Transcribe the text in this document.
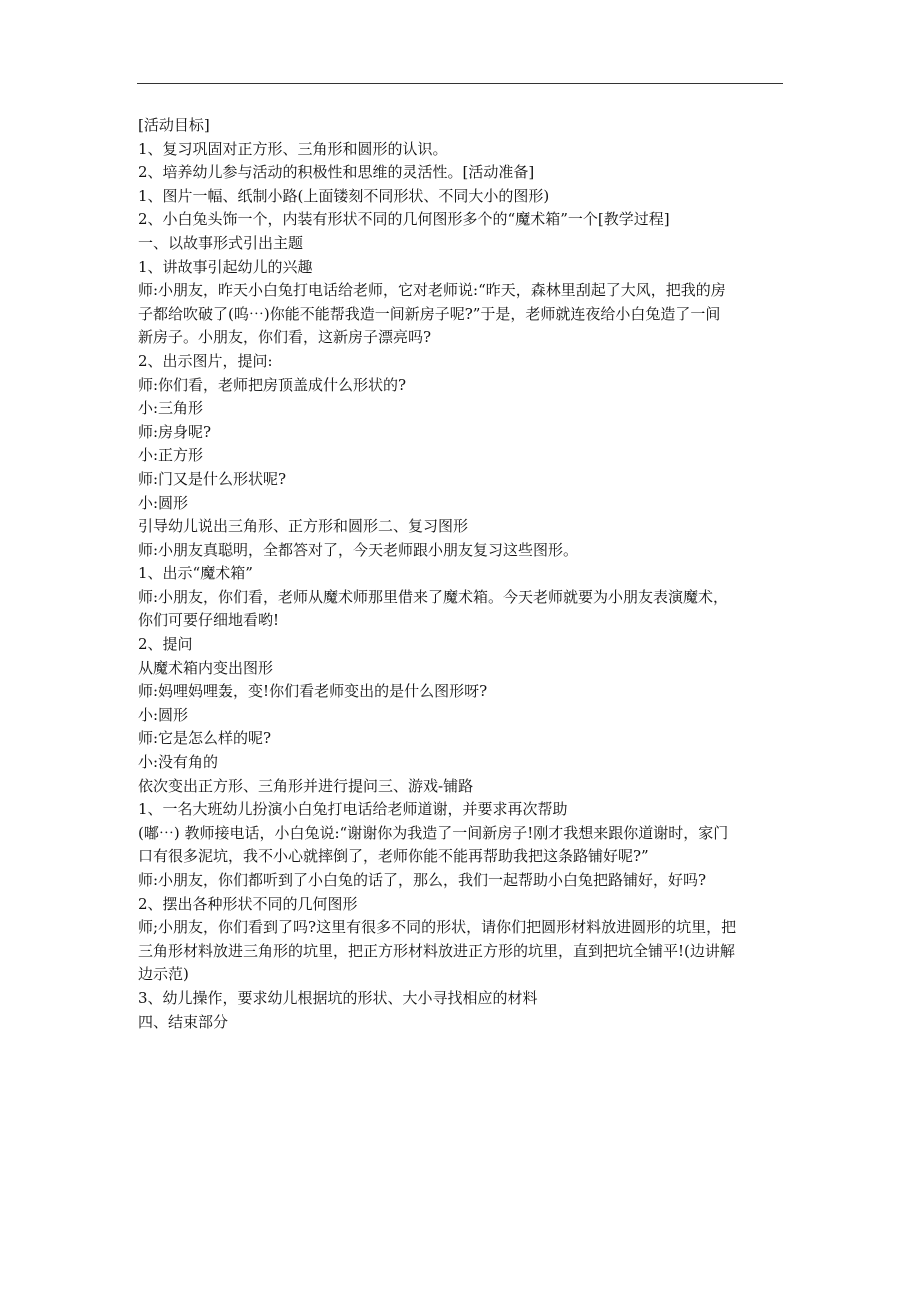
[活动目标]
1、复习巩固对正方形、三角形和圆形的认识。
2、培养幼儿参与活动的积极性和思维的灵活性。[活动准备]
1、图片一幅、纸制小路(上面镂刻不同形状、不同大小的图形)
2、小白兔头饰一个，内装有形状不同的几何图形多个的“魔术箱”一个[教学过程]
一、以故事形式引出主题
1、讲故事引起幼儿的兴趣
师:小朋友，昨天小白兔打电话给老师，它对老师说:“昨天，森林里刮起了大风，把我的房
子都给吹破了(呜⋯)你能不能帮我造一间新房子呢?”于是，老师就连夜给小白兔造了一间
新房子。小朋友，你们看，这新房子漂亮吗?
2、出示图片，提问:
师:你们看，老师把房顶盖成什么形状的?
小:三角形
师:房身呢?
小:正方形
师:门又是什么形状呢?
小:圆形
引导幼儿说出三角形、正方形和圆形二、复习图形
师:小朋友真聪明，全都答对了，今天老师跟小朋友复习这些图形。
1、出示“魔术箱”
师:小朋友，你们看，老师从魔术师那里借来了魔术箱。今天老师就要为小朋友表演魔术，
你们可要仔细地看哟!
2、提问
从魔术箱内变出图形
师:妈哩妈哩轰，变!你们看老师变出的是什么图形呀?
小:圆形
师:它是怎么样的呢?
小:没有角的
依次变出正方形、三角形并进行提问三、游戏-铺路
1、一名大班幼儿扮演小白兔打电话给老师道谢，并要求再次帮助
(嘟⋯) 教师接电话，小白兔说:“谢谢你为我造了一间新房子!刚才我想来跟你道谢时，家门
口有很多泥坑，我不小心就摔倒了，老师你能不能再帮助我把这条路铺好呢?”
师:小朋友，你们都听到了小白兔的话了，那么，我们一起帮助小白兔把路铺好，好吗?
2、摆出各种形状不同的几何图形
师;小朋友，你们看到了吗?这里有很多不同的形状，请你们把圆形材料放进圆形的坑里，把
三角形材料放进三角形的坑里，把正方形材料放进正方形的坑里，直到把坑全铺平!(边讲解
边示范)
3、幼儿操作，要求幼儿根据坑的形状、大小寻找相应的材料
四、结束部分
